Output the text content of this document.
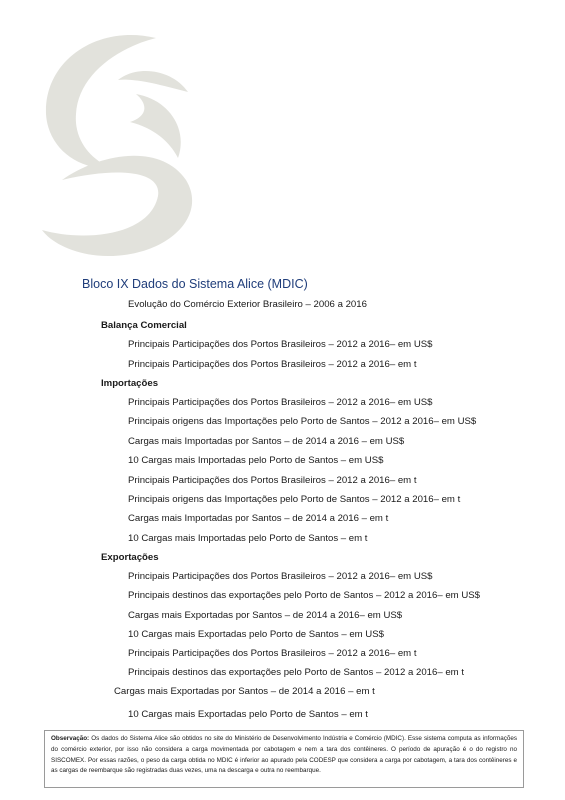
Bloco IX Dados do Sistema Alice (MDIC)
Evolução do Comércio Exterior Brasileiro – 2006 a 2016
Balança Comercial
Principais Participações dos Portos Brasileiros – 2012 a 2016– em US$
Principais Participações dos Portos Brasileiros – 2012 a 2016– em t
Importações
Principais Participações dos Portos Brasileiros – 2012 a 2016– em US$
Principais origens das Importações pelo Porto de Santos – 2012 a 2016– em US$
Cargas mais Importadas por Santos – de 2014 a 2016 – em US$
10 Cargas mais Importadas pelo Porto de Santos – em US$
Principais Participações dos Portos Brasileiros – 2012 a 2016– em t
Principais origens das Importações pelo Porto de Santos – 2012 a 2016– em t
Cargas mais Importadas por Santos – de 2014 a 2016 – em t
10 Cargas mais Importadas pelo Porto de Santos – em t
Exportações
Principais Participações dos Portos Brasileiros – 2012 a 2016– em US$
Principais destinos das exportações pelo Porto de Santos – 2012 a 2016– em US$
Cargas mais Exportadas por Santos – de 2014 a 2016– em US$
10 Cargas mais Exportadas pelo Porto de Santos – em US$
Principais Participações dos Portos Brasileiros – 2012 a 2016– em t
Principais destinos das exportações pelo Porto de Santos – 2012 a 2016– em t
Cargas mais Exportadas por Santos – de 2014 a 2016 – em t
10 Cargas mais Exportadas pelo Porto de Santos – em t
Observação: Os dados do Sistema Alice são obtidos no site do Ministério de Desenvolvimento Indústria e Comércio (MDIC). Esse sistema computa as informações do comércio exterior, por isso não considera a carga movimentada por cabotagem e nem a tara dos contêineres. O período de apuração é o do registro no SISCOMEX. Por essas razões, o peso da carga obtida no MDIC é inferior ao apurado pela CODESP que considera a carga por cabotagem, a tara dos contêineres e as cargas de reembarque são registradas duas vezes, uma na descarga e outra no reembarque.
